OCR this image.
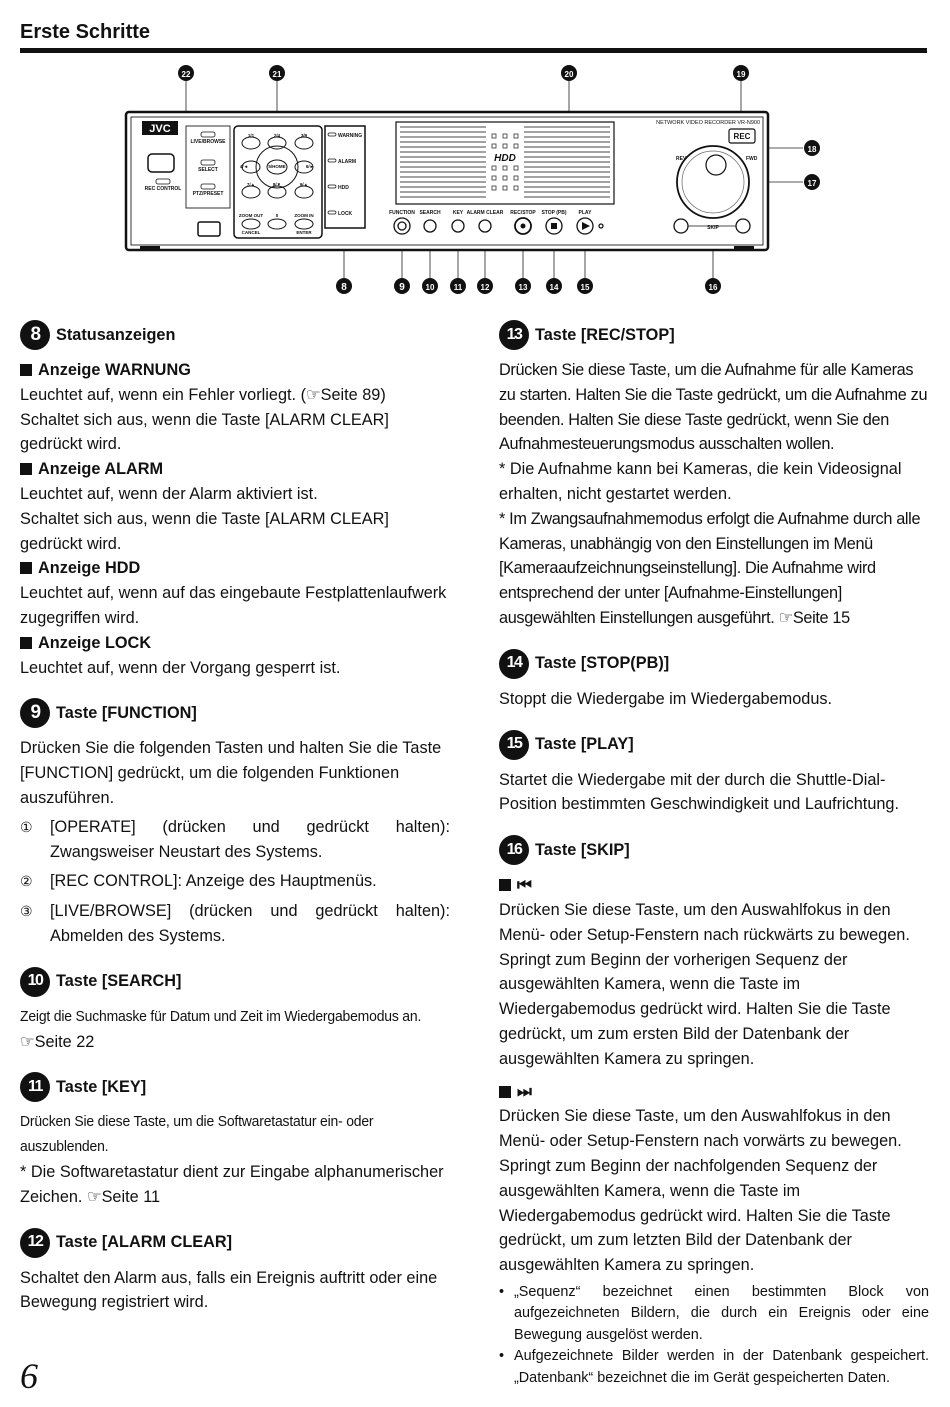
Erste Schritte
JVC
LIVE/BROWSE
SELECT
PTZ/PRESET
REC CONTROL
1/1	2/4	3/9
4/◄	5/HOME	6/►
7/▲	8/▼	9/▲
ZOOM OUT	0	ZOOM IN
CANCEL	ENTER
WARNING
ALARM
HDD
LOCK
HDD
FUNCTION SEARCH KEY ALARM CLEAR REC/STOP STOP (PB) PLAY
NETWORK VIDEO RECORDER VR-N900
REC
REV	FWD
SKIP
22	21	20	19
18
17
8	9	10 11 12	13	14	15	16
8	Statusanzeigen

Anzeige WARNUNG

Leuchtet auf, wenn ein Fehler vorliegt. (☞Seite 89)

Schaltet sich aus, wenn die Taste [ALARM CLEAR] gedrückt wird.

Anzeige ALARM

Leuchtet auf, wenn der Alarm aktiviert ist.

Schaltet sich aus, wenn die Taste [ALARM CLEAR] gedrückt wird.

Anzeige HDD

Leuchtet auf, wenn auf das eingebaute Festplattenlaufwerk zugegriffen wird.

Anzeige LOCK

Leuchtet auf, wenn der Vorgang gesperrt ist.

9	Taste [FUNCTION]

Drücken Sie die folgenden Tasten und halten Sie die Taste [FUNCTION] gedrückt, um die folgenden Funktionen auszuführen.

①	[OPERATE] (drücken und gedrückt halten): Zwangsweiser Neustart des Systems.
②	[REC CONTROL]: Anzeige des Hauptmenüs.
③	[LIVE/BROWSE] (drücken und gedrückt halten): Abmelden des Systems.
10 Taste [SEARCH]

Zeigt die Suchmaske für Datum und Zeit im Wiedergabemodus an.

☞Seite 22

11 Taste [KEY]

Drücken Sie diese Taste, um die Softwaretastatur ein- oder auszublenden.

* Die Softwaretastatur dient zur Eingabe alphanumerischer Zeichen. ☞Seite 11

12 Taste [ALARM CLEAR]

Schaltet den Alarm aus, falls ein Ereignis auftritt oder eine Bewegung registriert wird.

13 Taste [REC/STOP]

Drücken Sie diese Taste, um die Aufnahme für alle Kameras zu starten. Halten Sie die Taste gedrückt, um die Aufnahme zu beenden. Halten Sie diese Taste gedrückt, wenn Sie den Aufnahmesteuerungsmodus ausschalten wollen.

* Die Aufnahme kann bei Kameras, die kein Videosignal erhalten, nicht gestartet werden.

* Im Zwangsaufnahmemodus erfolgt die Aufnahme durch alle Kameras, unabhängig von den Einstellungen im Menü [Kameraaufzeichnungseinstellung]. Die Aufnahme wird entsprechend der unter [Aufnahme-Einstellungen] ausgewählten Einstellungen ausgeführt. ☞Seite 15

14 Taste [STOP(PB)]

Stoppt die Wiedergabe im Wiedergabemodus.

15 Taste [PLAY]

Startet die Wiedergabe mit der durch die Shuttle-Dial-Position bestimmten Geschwindigkeit und Laufrichtung.

16 Taste [SKIP]

⏮

Drücken Sie diese Taste, um den Auswahlfokus in den Menü- oder Setup-Fenstern nach rückwärts zu bewegen. Springt zum Beginn der vorherigen Sequenz der ausgewählten Kamera, wenn die Taste im Wiedergabemodus gedrückt wird. Halten Sie die Taste gedrückt, um zum ersten Bild der Datenbank der ausgewählten Kamera zu springen.

⏭

Drücken Sie diese Taste, um den Auswahlfokus in den Menü- oder Setup-Fenstern nach vorwärts zu bewegen. Springt zum Beginn der nachfolgenden Sequenz der ausgewählten Kamera, wenn die Taste im Wiedergabemodus gedrückt wird. Halten Sie die Taste gedrückt, um zum letzten Bild der Datenbank der ausgewählten Kamera zu springen.

• „Sequenz“ bezeichnet einen bestimmten Block von aufgezeichneten Bildern, die durch ein Ereignis oder eine Bewegung ausgelöst werden.
• Aufgezeichnete Bilder werden in der Datenbank gespeichert. „Datenbank“ bezeichnet die im Gerät gespeicherten Daten.
6
